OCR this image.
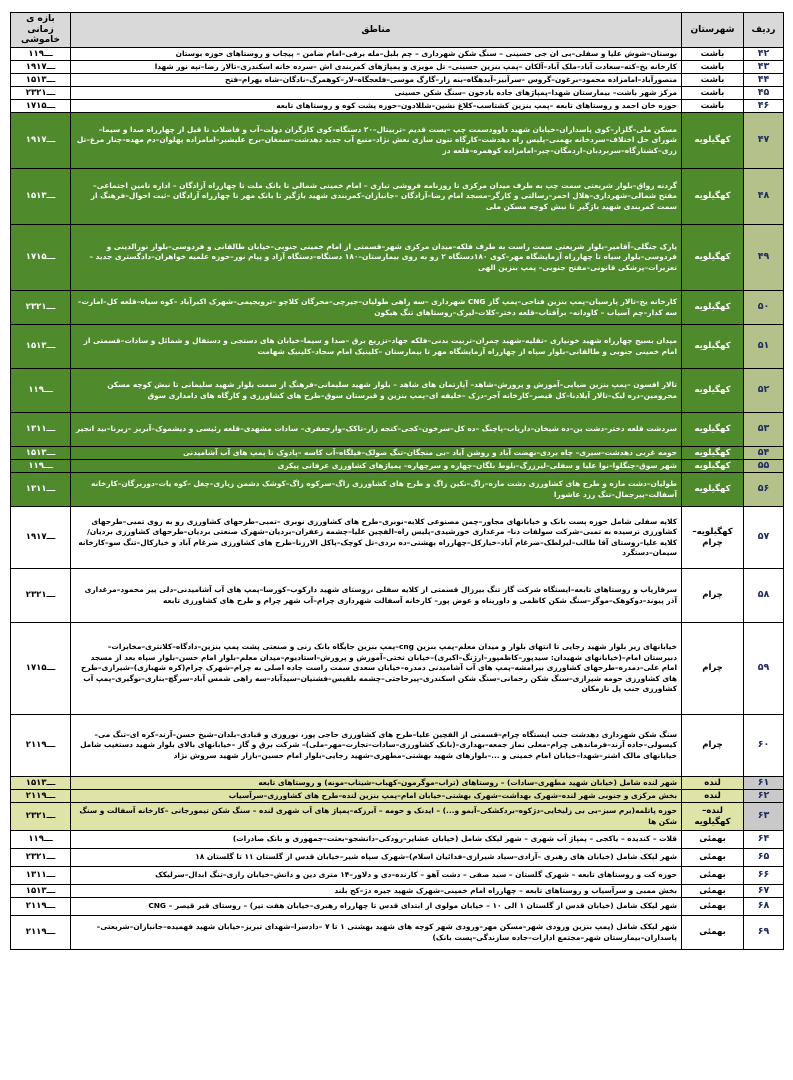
ردیف	شهرستان	مناطق	بازه ی زمانی خاموشی
۴۲	باشت	بوستان–شوش علیا و سفلی–بی ان جی حسینی – سنگ شکن شهرداری – چم بلبل–مله برفی–امام ضامن – پیجاب و روستاهای حوزه بوستان	۱۱ـــ۹
۴۳	باشت	کارخانه یخ–کته–سعادت آباد–ملک آباد–آلکان –پمپ بنزین حسینی– تل مویزی و پمپاژهای کمربندی اش –سرده خانه اسکندری–تالار رضا–تپه نور شهدا	۱۹ـــ۱۷
۴۴	باشت	منصورآباد–امامزاده محمود–برغون–گروس –سرآبیز–آبدهگاه–بنه زار–گارگ موسی–فلعجگاه–لار–کوهمرگ–نادگان–شاه بهرام–فتح	۱۵ـــ۱۳
۴۵	باشت	مرکز شهر باشت– بیمارستان شهدا–پمپاژهای جاده بادجون –سنگ شکن حسینی	۲۳ـــ۲۱
۴۶	باشت	حوزه خان احمد و روستاهای تابعه –پمپ بنزین کشتاسب–کلاغ نشین–شللادون–حوزه پشت کوه و روستاهای تابعه	۱۷ـــ۱۵
۴۷	کهگیلویه	مسکن ملی–گلزار–کوی پاسداران–خیابان شهید داوودسمت چپ –پست قدیم –تربیتال–۲۰ دستگاه–کوی کارگران دولت–آب و فاضلاب تا قبل از چهارراه صدا و سیما–شورای حل اختلاف–سردخانه بهمنی–پلیس راه دهدشت–کارگاه تنون سازی نعش نژاد–منبع آب جدید دهدشت–سمغان–برج علیشیر–امامزاده پهلوان–دم مهده–چنار مرغ–تل زری–کشتارگاه–سربردبان–اردمگان–چیر–امامزاده کوهمره–قلعه دز	۱۹ـــ۱۷
۴۸	کهگیلویه	گردنه رواق–بلوار شریعتی سمت چپ به طرف میدان مرکزی تا روزنامه فروشی تباری – امام خمینی شمالی تا بانک ملت تا چهارراه آزادگان – اداره تامین اجتماعی–مفتح شمالی–شهرداری–هلال احمر–رسالتی و کارگر–مسجد امام رضا–آزادگان –جانبازان–کمربندی شهید باژگیر تا بانک مهر تا چهارراه آزادگان –ثبت احوال–فرهنگ از سمت کمربندی شهید باژگیر تا نبش کوچه مسکن ملی	۱۵ـــ۱۳
۴۹	کهگیلویه	پارک جنگلی–آقامیر–بلوار شریعتی سمت راست به طرف فلکه–میدان مرکزی شهر–قسمتی از امام خمینی جنوبی–خیابان طالقانی و فردوسی–بلوار نورالدینی و فردوسی–بلوار سپاه تا چهارراه آزمایشگاه مهر–کوی ۱۸۰دستگاه ۲ رو به روی بیمارستان–۱۸۰ دستگاه–دستگاه آزاد و پیام نور–حوزه علمیه خواهران–دادگستری جدید –تعزیرات–پزشکی قانونی–مفتح جنوبی– پمپ بنزین الهی	۱۷ـــ۱۵
۵۰	کهگیلویه	کارخانه یخ–تالار پارسیان–پمپ بنزین فتاحی–پمپ گاز CNG شهرداری –سه راهی طولیان–جیرچی–محرگان کلاچو –ترویجیمی–شهرک اکبرآباد –کوه سیاه–قلعه کل–امارت–سه کدار–چم آسیاب – کاودانه– برآفتاب–قلعه دختر–کلات–لیرک–روستاهای تنگ هیکون	۲۳ـــ۲۱
۵۱	کهگیلویه	میدان بسیج چهارراه شهید خونیاری –تقلیه–شهید چمران–تربیت بدنی–فلکه جهاد–تزریع برق –صدا و سیما–خیابان های دستجی و دستفال و شمائل و سادات–قسمتی از امام خمینی جنوبی و طالقانی–بلوار سپاه از چهارراه آزمایشگاه مهر تا بیمارستان –کلینیک امام سجاد–کلینیک شهامت	۱۵ـــ۱۳
۵۲	کهگیلویه	تالار افسون –پمپ بنزین ضیایی–آموزش و پرورش–شاهد– آپارتمان های شاهد – بلوار شهید سلیمانی–فرهنگ از سمت بلوار شهید سلیمانی تا نبش کوچه مسکن محرومین–دره لیک–تالار آیلادنا–کل قیصر–کارخانه آجر–درک –خلیفه ای–پمپ بنزین و قبرستان سوق–طرح های کشاورزی و کارگاه های دامداری سوق	۱۱ـــ۹
۵۳	کهگیلویه	سردشت قلعه دختر–دشت بن–ده شیخان–داریاب–پاچنگ –ده کل–سرخون–کجی–کتجه زار–تاکک–وارجعفری– سادات مشهدی–قلعه رئیسی و دیشموک–آبریز –زیرنا–بید انجیر	۱۳ـــ۱۱
۵۴	کهگیلویه	حومه غربی دهدشت–سیری– چاه بردی–نهضت آباد و روشن آباد –بی منجگان–تنگ صولک–فیلگاه–آب کاسه –پادوک تا پمپ های آب آشامیدنی	۱۵ـــ۱۳
۵۵	کهگیلویه	شهر سوق–چنگلوا–نوا علیا و سفلی–لیرزرگ–بلوط بلگان–چهاره و سرچهاره– پمپاژهای کشاورزی عرفانی پیکری	۱۱ـــ۹
۵۶	کهگیلویه	طولیان–دشت مازه و طرح های کشاورزی دشت مازه–راگ–نکین زاگ و طرح های کشاورزی زاگ–سرکوه زاگ–کوشک دشمن زیاری–چغل –کوه یات–دوربرگان–کارخانه آسفالت–پیرجمال–تنگ رزد عاشورا	۱۳ـــ۱۱
۵۷	کهگیلویه–چرام	کلایه سفلی شامل حوزه پست بانک و خیابانهای مجاور–چمن مصنوعی کلایه–نوبری–طرح های کشاورزی نوبری –تمبی–طرحهای کشاورزی رو به روی تمبی–طرحهای کشاورزی نرسیده به تمبی–شرکت سولفات دنا– مرغداری خورشیدی–پلیس راه–الفچین علیا–چشمه زعفران–بردیان–شهرک صنعتی بردیان–طرحهای کشاورزی بردیان/کلایه علیا–روستای آقا طالب–لیرلطک–ضرغام آباد–خیارکل–چهارراه بهشتی–ده بردی–تل کوچک–پاکل الارزنا–طرح های کشاورزی ضرغام آباد و خیارکال–تنگ سو–کارخانه سیمان–دستگرد	۱۹ـــ۱۷
۵۸	چرام	سرفاریاب و روستاهای تابعه–ایستگاه شرکت گاز تنگ بیرزال قسمتی از کلایه سفلی ،روستای شهید دارکوب–کورسا–پمپ های آب آشامیدنی–دلی پیر محمود–مرغداری آذر پیوند–دوکوهک–موگر–سنگ شکن کاظمی و داورپناه و عوض پور– کارخانه آسفالت شهرداری چرام–آب شهر چرام و طرح های کشاورزی تابعه	۲۳ـــ۲۱
۵۹	چرام	خیابانهای زیر بلوار شهید رجایی تا انتهای بلوار و میدان معلم–پمپ بنزین cng–پمپ بنزین جایگاه بانک زنی و صنعتی پشت پمپ بنزین–دادگاه–کلانتری–مخابرات–دبیرستان امام–(خیابانهای شهیدان: سیدپور–کاظمپور–ارژنگ–اکبری)–خیابان تختی–آموزش و پرورش–استادیوم–میدان معلم–بلوار امام حسن–بلوار سپاه بعد از مسجد امام علی–دمدره–طرحهای کشاورزی بیرامشه–پمپ های آب آشامیدنی دمدره–خیابان سعدی سمت راست جاده اصلی به چرام–شهرک چرام(کره شهباری)–شیرازی–طرح های کشاورزی حومه شیرازی–سنگ شکن رحمانی–سنگ شکن اسکندری–پیرحاجتی–چشمه بلقیس–فشنیان–سیدآباد–سه راهی شمس آباد–سرگچ–بناری–نوگیری–پمپ آب کشاورزی جنب پل نازمکان	۱۷ـــ۱۵
۶۰	چرام	سنگ شکن شهرداری دهدشت جنب ایستگاه چرام–قسمتی از الفچین علیا–طرح های کشاورزی حاجی پور، نوروزی و قبادی–بلدان–شیخ حسن–آرند–کره ای–تنگ می–کیسولی–جاده آرند–فرماندهی چرام–معلی نماز جمعه–بهداری–(بانک کشاورزی–سادات–تجارت–مهر–ملی)– شرکت برق و گاز –خیابانهای بالای بلوار شهید دستغیب شامل خیابانهای مالک اشتر–شهدا–خیابان امام خمینی و ...–بلوارهای شهید بهشتی–مطهری–شهید رجایی–بلوار امام حسین–بازار شهید سروش نژاد	۲۱ـــ۱۹
۶۱	لنده	شهر لنده شامل (خیابان شهید مطهری–سادات) – روستاهای (تراب–موگرمون–کهباب–شیتاب–مونه) و روستاهای تابعه	۱۵ـــ۱۳
۶۲	لنده	بخش مرکزی و جنوبی شهر لنده–شهرک بهداشت–شهرک بهشتی–خیابان امام–پمپ بنزین لنده–طرح های کشاورزی–سرآسیاب	۲۱ـــ۱۹
۶۳	لنده–کهگیلویه	حوزه پاتلمه(برم سبز–بی بی زلیخایی–دژکوه–بردکشکی–آبمو و...) – ایدنک و حومه – آبرزکه–پمپاژ های آب شهری لنده – سنگ شکن تیمورجانی –کارخانه آسفالت و سنگ شکن ها	۲۳ـــ۲۱
۶۴	بهمئی	قلات – کندیده – یاکجی – پمپاژ آب شهری – شهر لیکک شامل (خیابان عشایر–رودکی–دانشجو–بعثت–جمهوری و بانک صادرات)	۱۱ـــ۹
۶۵	بهمئی	شهر لیکک شامل (خیابان های رهبری –آزادی–سیاد شیرازی–فدائیان اسلام)–شهرک سپاه شیر–خیابان قدس از گلستان ۱۱ تا گلستان ۱۸	۲۳ـــ۲۱
۶۶	بهمئی	حوزه کت و روستاهای تابعه – شهرک گلستان – سید صفی – دشت آهو – کارنده–دی و دلاور–۱۴ متری دین و دانش–خیابان رازی–تنگ ابدال–سرلیکک	۱۳ـــ۱۱
۶۷	بهمئی	بخش ممبی و سرآسیاب و روستاهای تابعه – چهارراه امام خمینی–شهرک شهید جیره دژ–کج بلند	۱۵ـــ۱۳
۶۸	بهمئی	شهر لیکک شامل (خیابان قدس از گلستان ۱ الی ۱۰ – خیابان مولوی از ابتدای قدس تا چهارراه رهبری–خیابان هفت تیر) – روستای قبر قیصر – CNG	۲۱ـــ۱۹
۶۹	بهمئی	شهر لیکک شامل (پمپ بنزین ورودی شهر–مسکن مهر–ورودی شهر کوچه های شهید بهشتی ۱ تا ۷ –دادسرا–شهدای تبریز–خیابان شهید فهمیده–جانبازان–شریعتی–پاسداران–بیمارستان شهر–مجتمع ادارات–جاده سازندگی–پست بانک)	۲۱ـــ۱۹
